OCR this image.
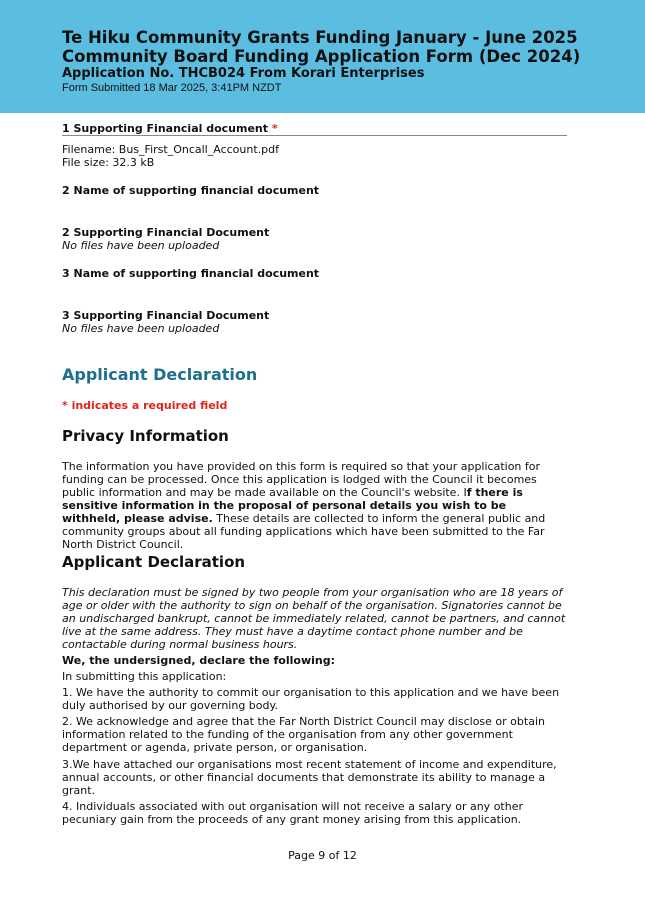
Te Hiku Community Grants Funding January - June 2025
Community Board Funding Application Form (Dec 2024)
Application No. THCB024 From Korari Enterprises
Form Submitted 18 Mar 2025, 3:41PM NZDT
1 Supporting Financial document *
Filename: Bus_First_Oncall_Account.pdf
File size: 32.3 kB
2 Name of supporting financial document
2 Supporting Financial Document
No files have been uploaded
3 Name of supporting financial document
3 Supporting Financial Document
No files have been uploaded
Applicant Declaration
* indicates a required field
Privacy Information
The information you have provided on this form is required so that your application for funding can be processed. Once this application is lodged with the Council it becomes public information and may be made available on the Council's website. If there is sensitive information in the proposal of personal details you wish to be withheld, please advise. These details are collected to inform the general public and community groups about all funding applications which have been submitted to the Far North District Council.
Applicant Declaration
This declaration must be signed by two people from your organisation who are 18 years of age or older with the authority to sign on behalf of the organisation. Signatories cannot be an undischarged bankrupt, cannot be immediately related, cannot be partners, and cannot live at the same address. They must have a daytime contact phone number and be contactable during normal business hours.
We, the undersigned, declare the following:
In submitting this application:
1. We have the authority to commit our organisation to this application and we have been duly authorised by our governing body.
2. We acknowledge and agree that the Far North District Council may disclose or obtain information related to the funding of the organisation from any other government department or agenda, private person, or organisation.
3.We have attached our organisations most recent statement of income and expenditure, annual accounts, or other financial documents that demonstrate its ability to manage a grant.
4. Individuals associated with out organisation will not receive a salary or any other pecuniary gain from the proceeds of any grant money arising from this application.
Page 9 of 12
